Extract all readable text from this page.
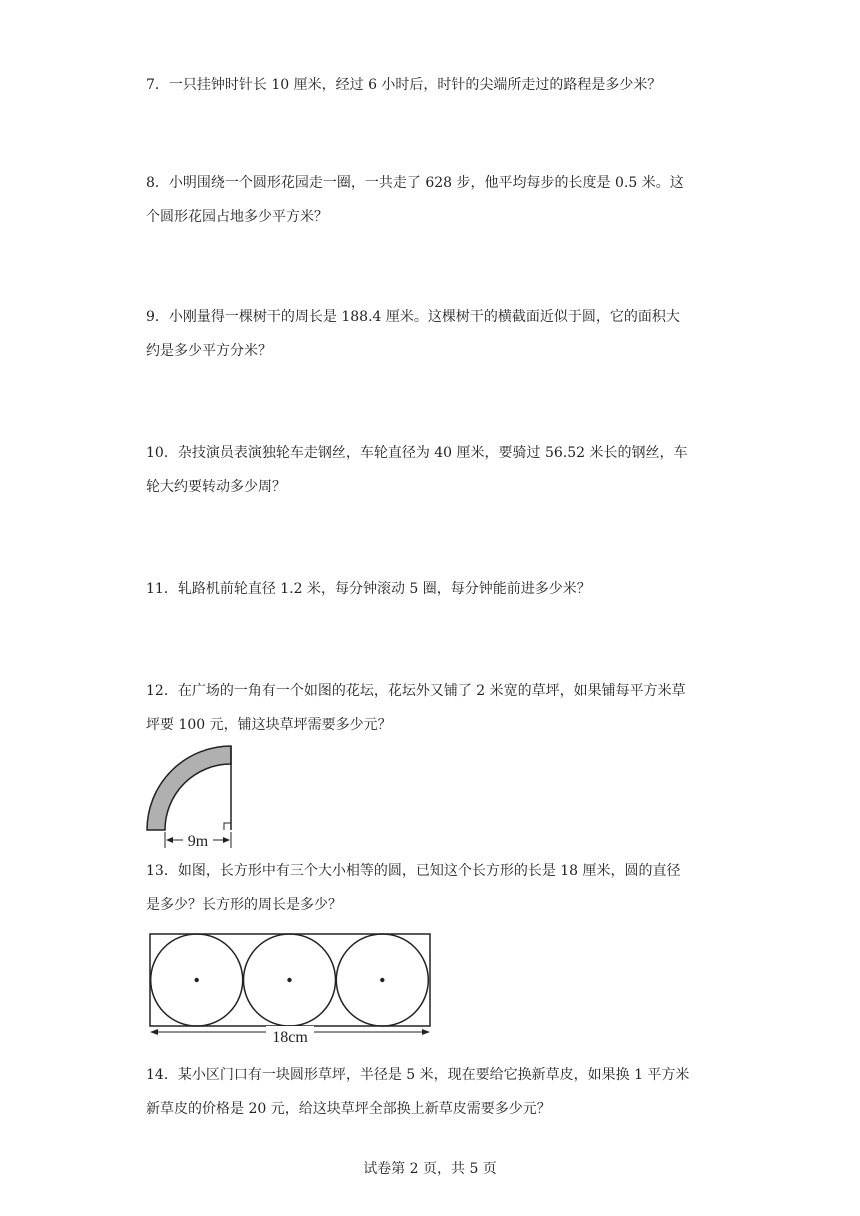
7．一只挂钟时针长 10 厘米，经过 6 小时后，时针的尖端所走过的路程是多少米？

8．小明围绕一个圆形花园走一圈，一共走了 628 步，他平均每步的长度是 0.5 米。这
个圆形花园占地多少平方米？

9．小刚量得一棵树干的周长是 188.4 厘米。这棵树干的横截面近似于圆，它的面积大
约是多少平方分米？

10．杂技演员表演独轮车走钢丝，车轮直径为 40 厘米，要骑过 56.52 米长的钢丝，车
轮大约要转动多少周？

11．轧路机前轮直径 1.2 米，每分钟滚动 5 圈，每分钟能前进多少米？

12．在广场的一角有一个如图的花坛，花坛外又铺了 2 米宽的草坪，如果铺每平方米草
坪要 100 元，铺这块草坪需要多少元？

9m

13．如图，长方形中有三个大小相等的圆，已知这个长方形的长是 18 厘米，圆的直径
是多少？长方形的周长是多少？

18cm

14．某小区门口有一块圆形草坪，半径是 5 米，现在要给它换新草皮，如果换 1 平方米
新草皮的价格是 20 元，给这块草坪全部换上新草皮需要多少元？

试卷第 2 页，共 5 页
